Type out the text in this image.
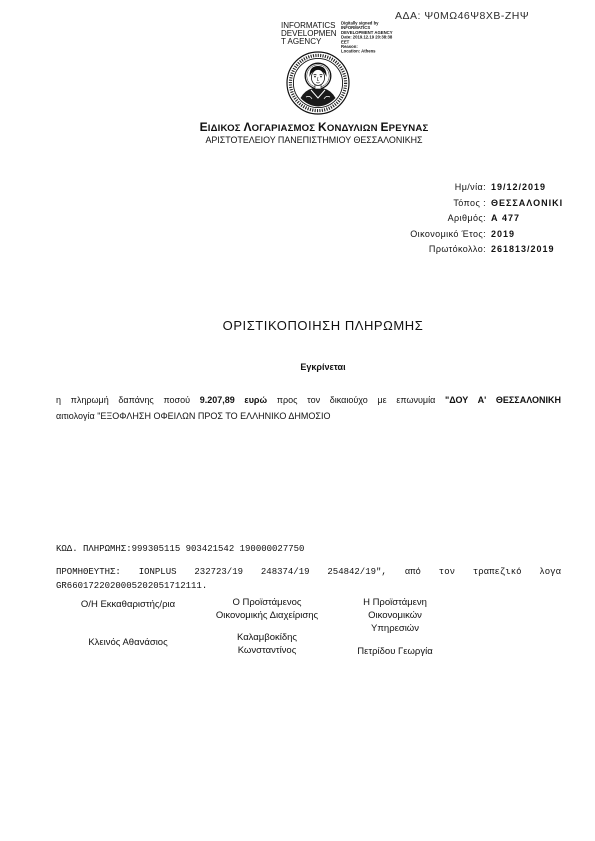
ΑΔΑ: Ψ0ΜΩ46Ψ8ΧΒ-ΖΗΨ
INFORMATICS
DEVELOPMEN
T AGENCY
Digitally signed by
INFORMATICS
DEVELOPMENT AGENCY
Date: 2019.12.19 20:38:38
EET
Reason:
Location: Athens
ΕΙΔΙΚΟΣ ΛΟΓΑΡΙΑΣΜΟΣ ΚΟΝΔΥΛΙΩΝ ΕΡΕΥΝΑΣ
ΑΡΙΣΤΟΤΕΛΕΙΟΥ ΠΑΝΕΠΙΣΤΗΜΙΟΥ ΘΕΣΣΑΛΟΝΙΚΗΣ
Ημ/νία: 19/12/2019
Τόπος : ΘΕΣΣΑΛΟΝΙΚΙ
Αριθμός: Α 477
Οικονομικό Έτος: 2019
Πρωτόκολλο: 261813/2019
ΟΡΙΣΤΙΚΟΠΟΙΗΣΗ ΠΛΗΡΩΜΗΣ
Εγκρίνεται
η πληρωμή δαπάνης ποσού 9.207,89 ευρώ προς τον δικαιούχο με επωνυμία "ΔΟΥ Α' ΘΕΣΣΑΛΟΝΙΚΗ
αιτιολογία "ΕΞΟΦΛΗΣΗ ΟΦΕΙΛΩΝ ΠΡΟΣ ΤΟ ΕΛΛΗΝΙΚΟ ΔΗΜΟΣΙΟ
ΚΩΔ. ΠΛΗΡΩΜΗΣ:999305115 903421542 190000027750
ΠΡΟΜΗΘΕΥΤΗΣ: IONPLUS 232723/19 248374/19 254842/19", από τον τραπεζικό λογα
GR6601722020005202051712111.
Ο/Η Εκκαθαριστής/ρια
Κλεινός Αθανάσιος
Ο Προϊστάμενος
Οικονομικής Διαχείρισης
Καλαμβοκίδης
Κωνσταντίνος
Η Προϊστάμενη
Οικονομικών
Υπηρεσιών
Πετρίδου Γεωργία
